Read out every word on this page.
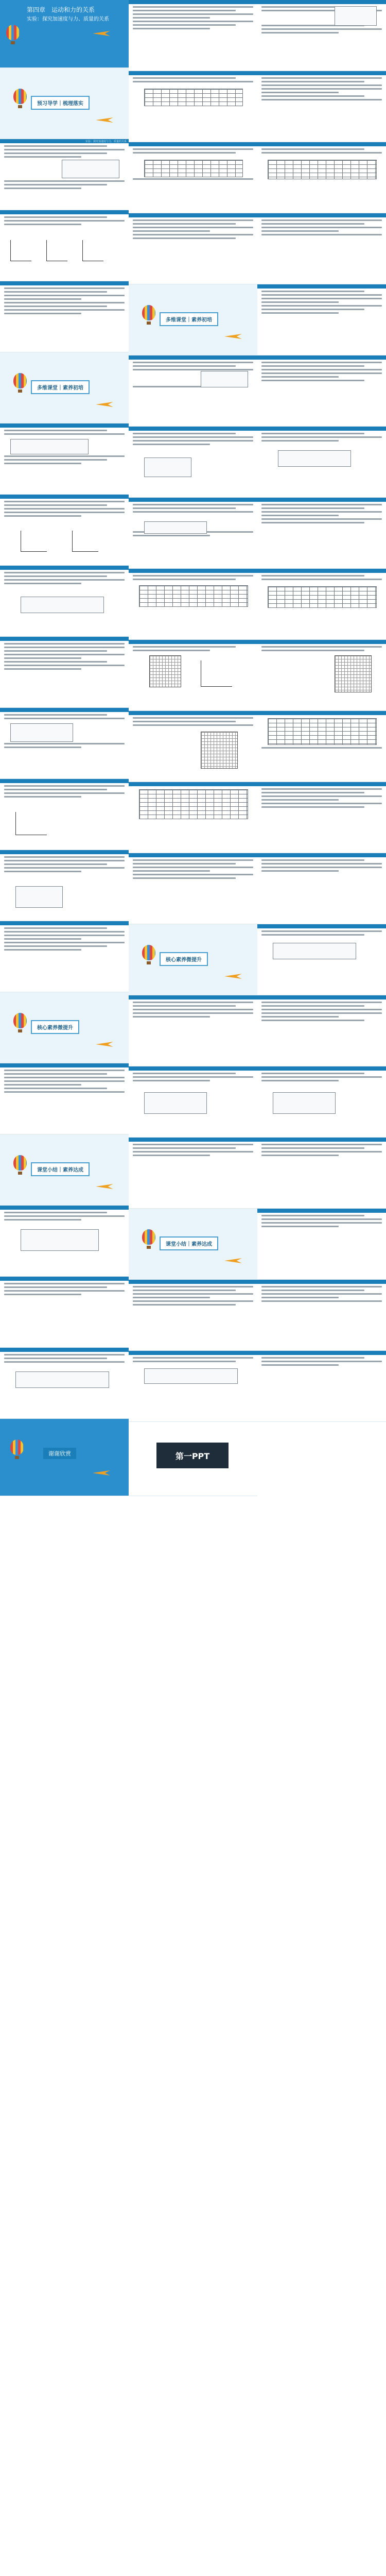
第四章　运动和力的关系
实验：探究加速度与力、质量的关系
预习导学｜梳理落实
实验：探究加速度与力、质量的关系
多维课堂｜素养初培
核心素养微提升
课堂小结｜素养达成
谢谢欣赏
多维课堂｜素养初培
核心素养微提升
课堂小结｜素养达成
第一PPT
